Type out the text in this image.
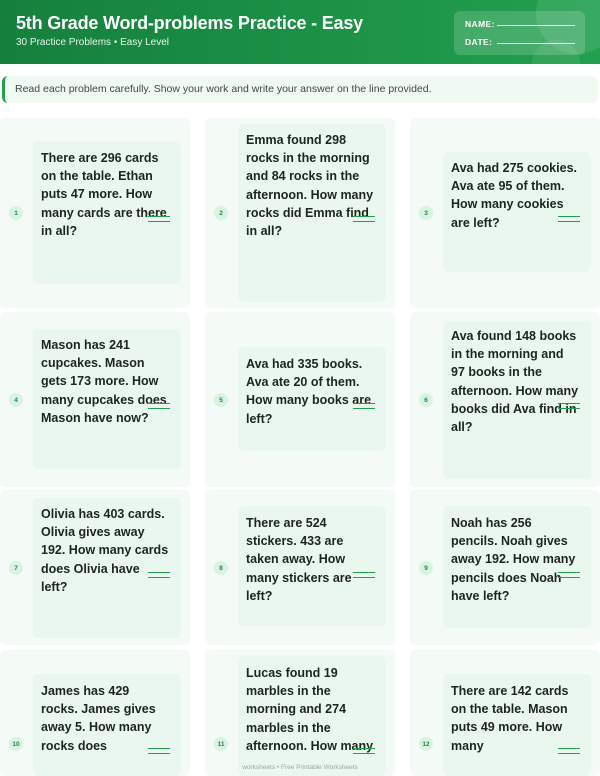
5th Grade Word-problems Practice - Easy
30 Practice Problems • Easy Level
NAME:
DATE:
Read each problem carefully. Show your work and write your answer on the line provided.
There are 296 cards on the table. Ethan puts 47 more. How many cards are there in all?
1
Emma found 298 rocks in the morning and 84 rocks in the afternoon. How many rocks did Emma find in all?
2
Ava had 275 cookies. Ava ate 95 of them. How many cookies are left?
3
Mason has 241 cupcakes. Mason gets 173 more. How many cupcakes does Mason have now?
4
Ava had 335 books. Ava ate 20 of them. How many books are left?
5
Ava found 148 books in the morning and 97 books in the afternoon. How many books did Ava find in all?
6
Olivia has 403 cards. Olivia gives away 192. How many cards does Olivia have left?
7
There are 524 stickers. 433 are taken away. How many stickers are left?
8
Noah has 256 pencils. Noah gives away 192. How many pencils does Noah have left?
9
James has 429 rocks. James gives away 5. How many rocks does
10
Lucas found 19 marbles in the morning and 274 marbles in the afternoon. How many
11
There are 142 cards on the table. Mason puts 49 more. How many
12
worksheets • Free Printable Worksheets
